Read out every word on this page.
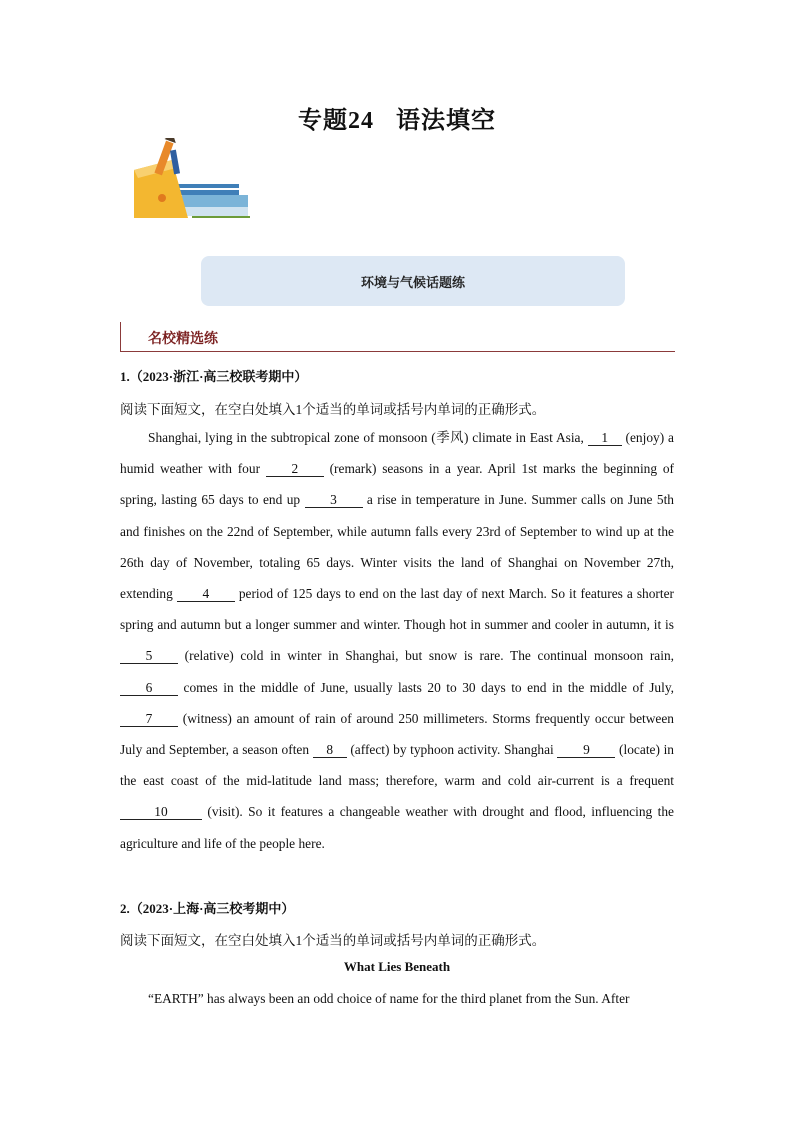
专题24 语法填空
环境与气候话题练
名校精选练
1.（2023·浙江·高三校联考期中）
阅读下面短文，在空白处填入1个适当的单词或括号内单词的正确形式。

Shanghai, lying in the subtropical zone of monsoon (季风) climate in East Asia, 1 (enjoy) a humid weather with four 2 (remark) seasons in a year. April 1st marks the beginning of spring, lasting 65 days to end up 3 a rise in temperature in June. Summer calls on June 5th and finishes on the 22nd of September, while autumn falls every 23rd of September to wind up at the 26th day of November, totaling 65 days. Winter visits the land of Shanghai on November 27th, extending 4 period of 125 days to end on the last day of next March. So it features a shorter spring and autumn but a longer summer and winter. Though hot in summer and cooler in autumn, it is 5 (relative) cold in winter in Shanghai, but snow is rare. The continual monsoon rain, 6 comes in the middle of June, usually lasts 20 to 30 days to end in the middle of July, 7 (witness) an amount of rain of around 250 millimeters. Storms frequently occur between July and September, a season often 8 (affect) by typhoon activity. Shanghai 9 (locate) in the east coast of the mid-latitude land mass; therefore, warm and cold air-current is a frequent 10	(visit). So it features a changeable weather with drought and flood, influencing the agriculture and life of the people here.

2.（2023·上海·高三校考期中）
阅读下面短文，在空白处填入1个适当的单词或括号内单词的正确形式。
What Lies Beneath

“EARTH” has always been an odd choice of name for the third planet from the Sun. After
